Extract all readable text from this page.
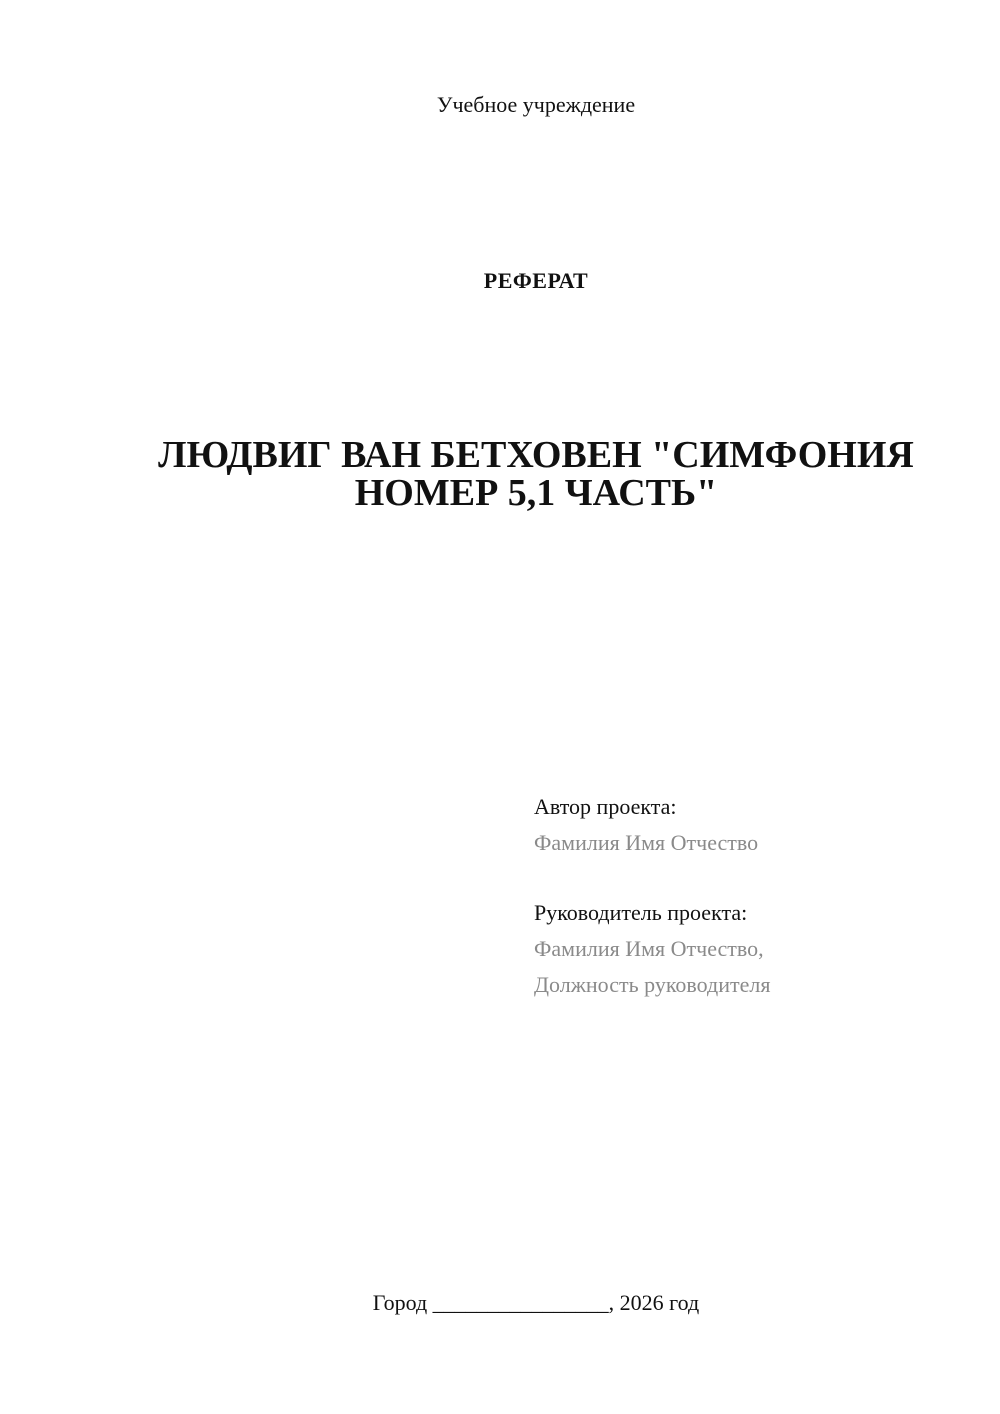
Учебное учреждение
РЕФЕРАТ
ЛЮДВИГ ВАН БЕТХОВЕН "СИМФОНИЯ
НОМЕР 5,1 ЧАСТЬ"
Автор проекта:
Фамилия Имя Отчество
Руководитель проекта:
Фамилия Имя Отчество,
Должность руководителя
Город ________________, 2026 год
